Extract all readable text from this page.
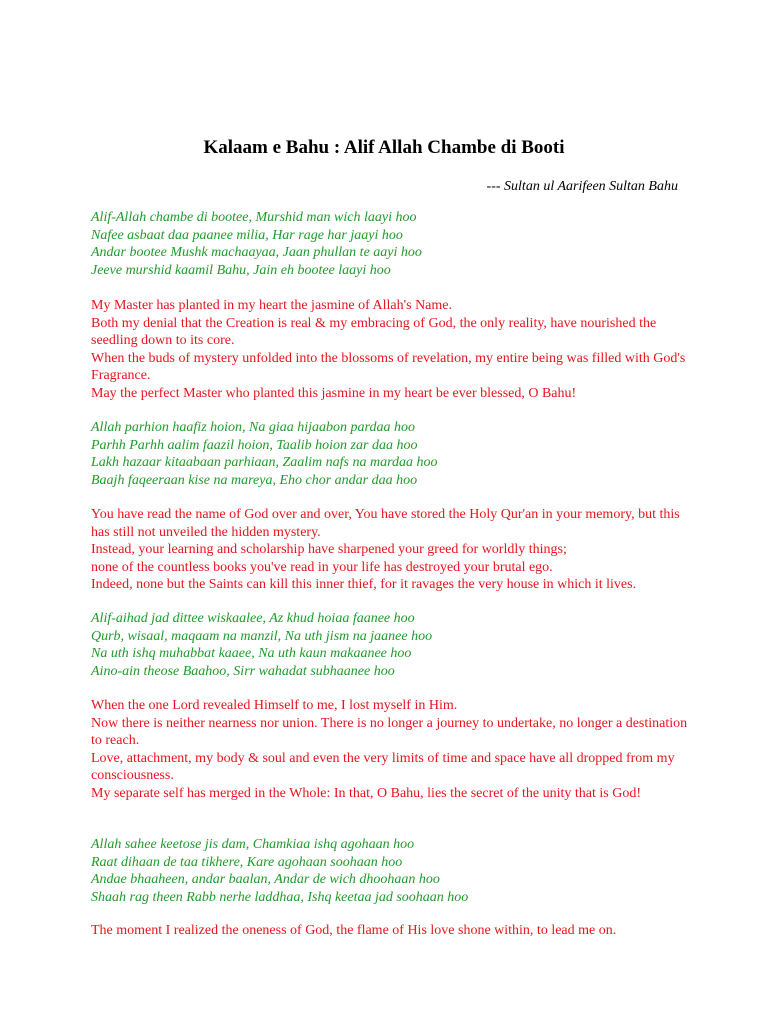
Kalaam e Bahu : Alif Allah Chambe di Booti

--- Sultan ul Aarifeen Sultan Bahu

Alif-Allah chambe di bootee, Murshid man wich laayi hoo
Nafee asbaat daa paanee milia, Har rage har jaayi hoo
Andar bootee Mushk machaayaa, Jaan phullan te aayi hoo
Jeeve murshid kaamil Bahu, Jain eh bootee laayi hoo

My Master has planted in my heart the jasmine of Allah's Name.
Both my denial that the Creation is real & my embracing of God, the only reality, have nourished the seedling down to its core.
When the buds of mystery unfolded into the blossoms of revelation, my entire being was filled with God's Fragrance.
May the perfect Master who planted this jasmine in my heart be ever blessed, O Bahu!

Allah parhion haafiz hoion, Na giaa hijaabon pardaa hoo
Parhh Parhh aalim faazil hoion, Taalib hoion zar daa hoo
Lakh hazaar kitaabaan parhiaan, Zaalim nafs na mardaa hoo
Baajh faqeeraan kise na mareya, Eho chor andar daa hoo

You have read the name of God over and over, You have stored the Holy Qur'an in your memory, but this has still not unveiled the hidden mystery.
Instead, your learning and scholarship have sharpened your greed for worldly things;
none of the countless books you've read in your life has destroyed your brutal ego.
Indeed, none but the Saints can kill this inner thief, for it ravages the very house in which it lives.

Alif-aihad jad dittee wiskaalee, Az khud hoiaa faanee hoo
Qurb, wisaal, maqaam na manzil, Na uth jism na jaanee hoo
Na uth ishq muhabbat kaaee, Na uth kaun makaanee hoo
Aino-ain theose Baahoo, Sirr wahadat subhaanee hoo

When the one Lord revealed Himself to me, I lost myself in Him.
Now there is neither nearness nor union. There is no longer a journey to undertake, no longer a destination to reach.
Love, attachment, my body & soul and even the very limits of time and space have all dropped from my consciousness.
My separate self has merged in the Whole: In that, O Bahu, lies the secret of the unity that is God!

Allah sahee keetose jis dam, Chamkiaa ishq agohaan hoo
Raat dihaan de taa tikhere, Kare agohaan soohaan hoo
Andae bhaaheen, andar baalan, Andar de wich dhoohaan hoo
Shaah rag theen Rabb nerhe laddhaa, Ishq keetaa jad soohaan hoo

The moment I realized the oneness of God, the flame of His love shone within, to lead me on.
